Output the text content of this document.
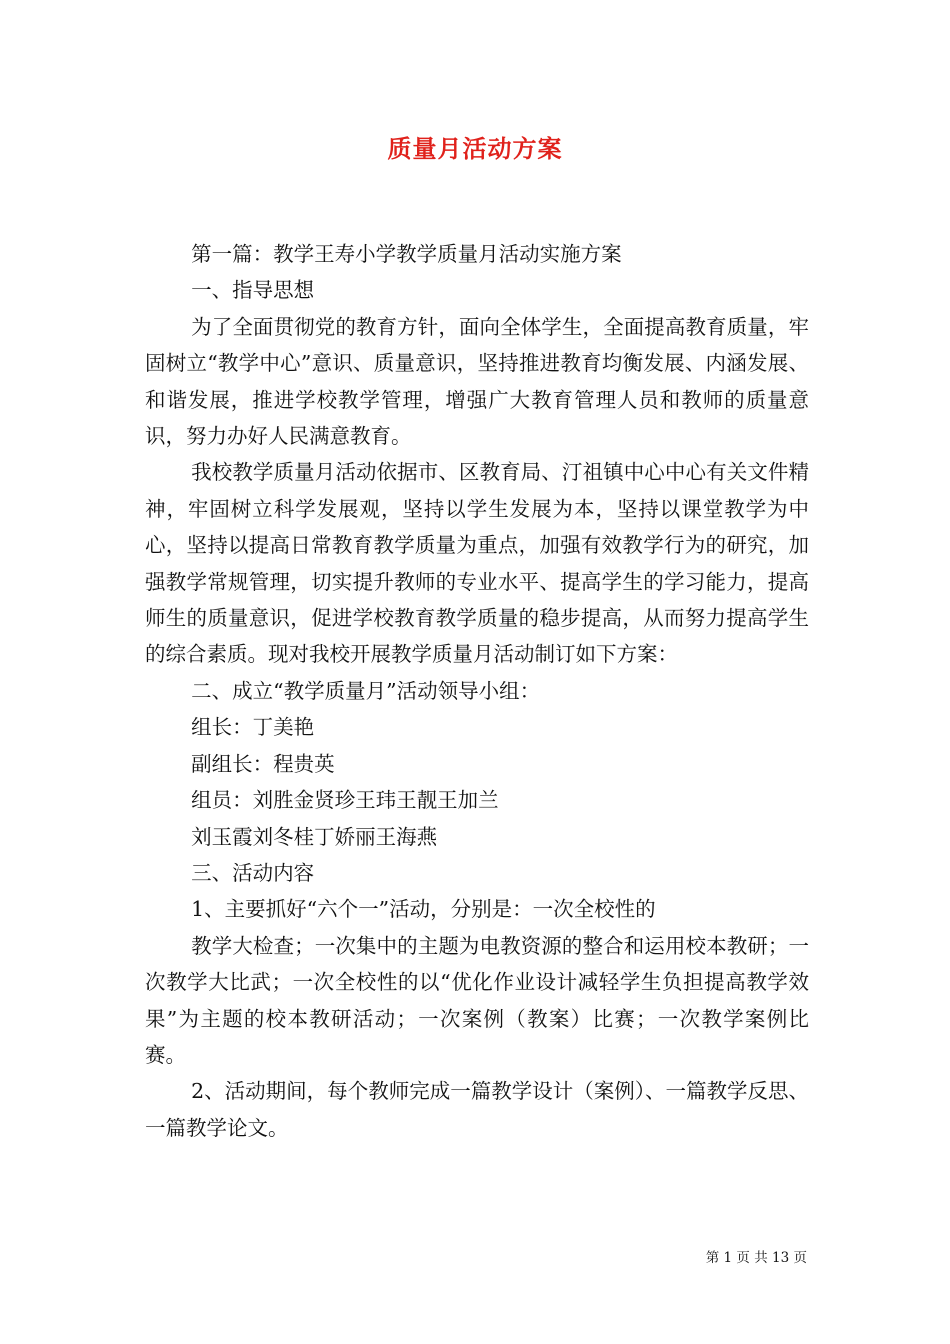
质量月活动方案

第一篇：教学王寿小学教学质量月活动实施方案

一、指导思想

为了全面贯彻党的教育方针，面向全体学生，全面提高教育质量，牢固树立“教学中心”意识、质量意识，坚持推进教育均衡发展、内涵发展、和谐发展，推进学校教学管理，增强广大教育管理人员和教师的质量意识，努力办好人民满意教育。

我校教学质量月活动依据市、区教育局、汀祖镇中心中心有关文件精神，牢固树立科学发展观，坚持以学生发展为本，坚持以课堂教学为中心，坚持以提高日常教育教学质量为重点，加强有效教学行为的研究，加强教学常规管理，切实提升教师的专业水平、提高学生的学习能力，提高师生的质量意识，促进学校教育教学质量的稳步提高，从而努力提高学生的综合素质。现对我校开展教学质量月活动制订如下方案：

二、成立“教学质量月”活动领导小组：

组长：丁美艳

副组长：程贵英

组员：刘胜金贤珍王玮王靓王加兰

刘玉霞刘冬桂丁娇丽王海燕

三、活动内容

1、主要抓好“六个一”活动，分别是：一次全校性的

教学大检查；一次集中的主题为电教资源的整合和运用校本教研；一次教学大比武；一次全校性的以“优化作业设计减轻学生负担提高教学效果”为主题的校本教研活动；一次案例（教案）比赛；一次教学案例比赛。

2、活动期间，每个教师完成一篇教学设计（案例）、一篇教学反思、一篇教学论文。

第 1 页 共 13 页
